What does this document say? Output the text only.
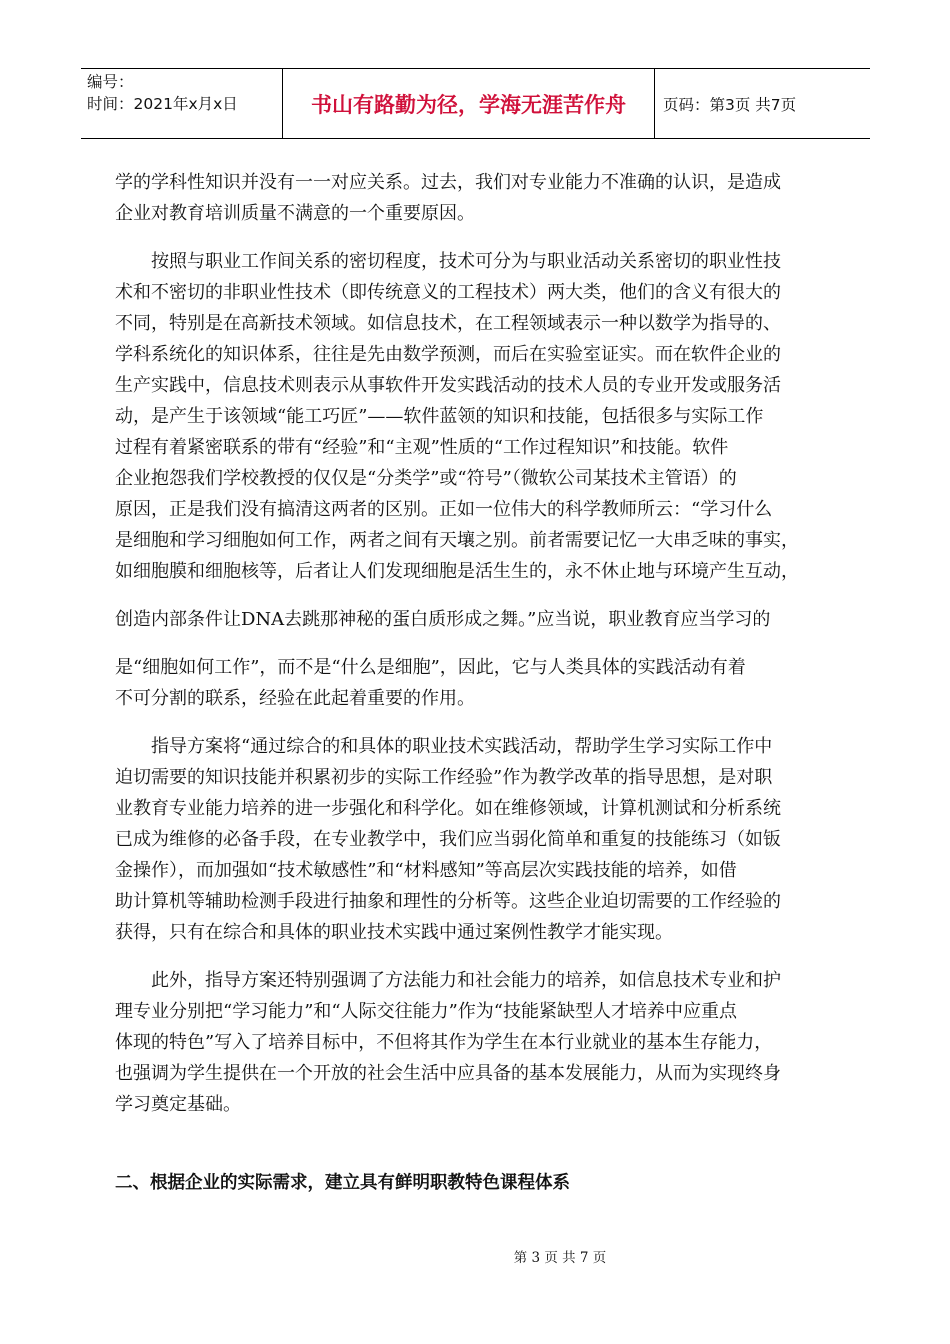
编号：
时间：2021年x月x日	书山有路勤为径，学海无涯苦作舟	页码：第3页 共7页
学的学科性知识并没有一一对应关系。过去，我们对专业能力不准确的认识，是造成
企业对教育培训质量不满意的一个重要原因。
按照与职业工作间关系的密切程度，技术可分为与职业活动关系密切的职业性技
术和不密切的非职业性技术（即传统意义的工程技术）两大类，他们的含义有很大的
不同，特别是在高新技术领域。如信息技术，在工程领域表示一种以数学为指导的、
学科系统化的知识体系，往往是先由数学预测，而后在实验室证实。而在软件企业的
生产实践中，信息技术则表示从事软件开发实践活动的技术人员的专业开发或服务活
动，是产生于该领域“能工巧匠”——软件蓝领的知识和技能，包括很多与实际工作
过程有着紧密联系的带有“经验”和“主观”性质的“工作过程知识”和技能。软件
企业抱怨我们学校教授的仅仅是“分类学”或“符号”（微软公司某技术主管语）的
原因，正是我们没有搞清这两者的区别。正如一位伟大的科学教师所云：“学习什么
是细胞和学习细胞如何工作，两者之间有天壤之别。前者需要记忆一大串乏味的事实，
如细胞膜和细胞核等，后者让人们发现细胞是活生生的，永不休止地与环境产生互动，
创造内部条件让DNA去跳那神秘的蛋白质形成之舞。”应当说，职业教育应当学习的
是“细胞如何工作”，而不是“什么是细胞”，因此，它与人类具体的实践活动有着
不可分割的联系，经验在此起着重要的作用。
指导方案将“通过综合的和具体的职业技术实践活动，帮助学生学习实际工作中
迫切需要的知识技能并积累初步的实际工作经验”作为教学改革的指导思想，是对职
业教育专业能力培养的进一步强化和科学化。如在维修领域，计算机测试和分析系统
已成为维修的必备手段，在专业教学中，我们应当弱化简单和重复的技能练习（如钣
金操作），而加强如“技术敏感性”和“材料感知”等高层次实践技能的培养，如借
助计算机等辅助检测手段进行抽象和理性的分析等。这些企业迫切需要的工作经验的
获得，只有在综合和具体的职业技术实践中通过案例性教学才能实现。
此外，指导方案还特别强调了方法能力和社会能力的培养，如信息技术专业和护
理专业分别把“学习能力”和“人际交往能力”作为“技能紧缺型人才培养中应重点
体现的特色”写入了培养目标中，不但将其作为学生在本行业就业的基本生存能力，
也强调为学生提供在一个开放的社会生活中应具备的基本发展能力，从而为实现终身
学习奠定基础。
二、根据企业的实际需求，建立具有鲜明职教特色课程体系
第 3 页 共 7 页
